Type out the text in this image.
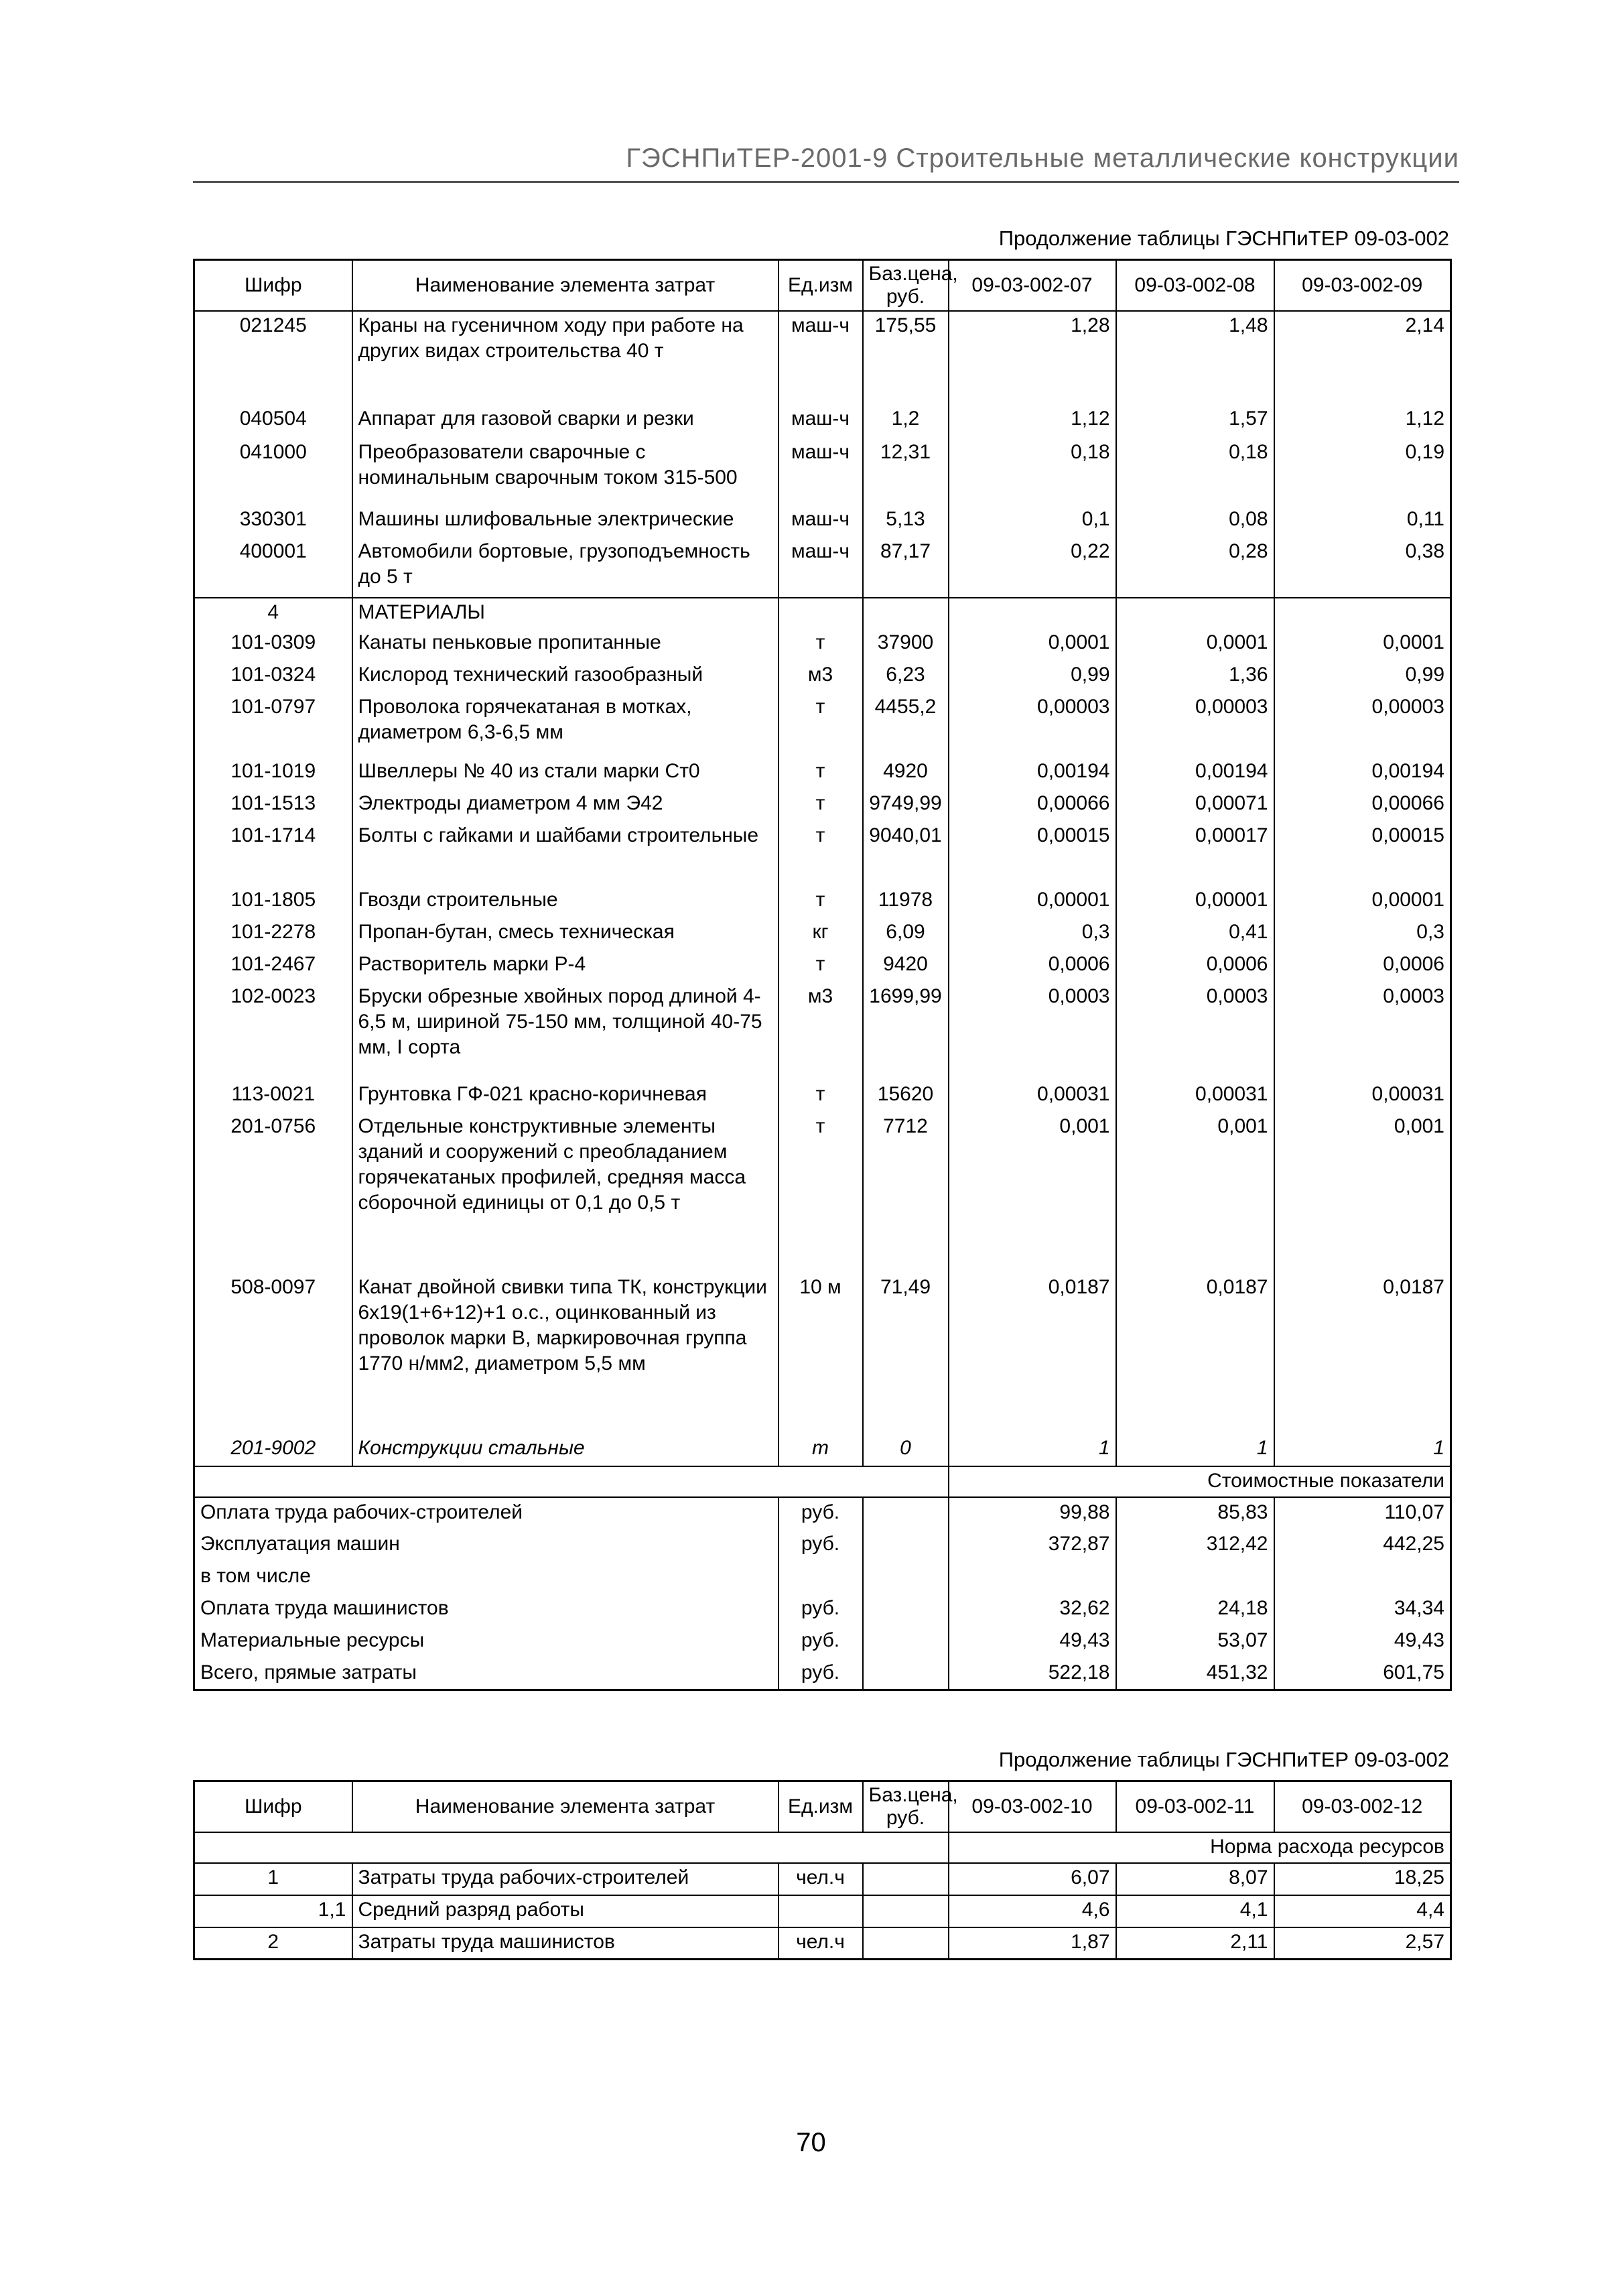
ГЭСНПиТЕР-2001-9 Строительные металлические конструкции
Продолжение таблицы ГЭСНПиТЕР 09-03-002
Шифр	Наименование элемента затрат	Ед.изм	Баз.цена, руб.	09-03-002-07	09-03-002-08	09-03-002-09
021245	Краны на гусеничном ходу при работе на других видах строительства 40 т	маш-ч	175,55	1,28	1,48	2,14
040504	Аппарат для газовой сварки и резки	маш-ч	1,2	1,12	1,57	1,12
041000	Преобразователи сварочные с номинальным сварочным током 315-500	маш-ч	12,31	0,18	0,18	0,19
330301	Машины шлифовальные электрические	маш-ч	5,13	0,1	0,08	0,11
400001	Автомобили бортовые, грузоподъемность до 5 т	маш-ч	87,17	0,22	0,28	0,38
4	МАТЕРИАЛЫ					
101-0309	Канаты пеньковые пропитанные	т	37900	0,0001	0,0001	0,0001
101-0324	Кислород технический газообразный	м3	6,23	0,99	1,36	0,99
101-0797	Проволока горячекатаная в мотках, диаметром 6,3-6,5 мм	т	4455,2	0,00003	0,00003	0,00003
101-1019	Швеллеры № 40 из стали марки Ст0	т	4920	0,00194	0,00194	0,00194
101-1513	Электроды диаметром 4 мм Э42	т	9749,99	0,00066	0,00071	0,00066
101-1714	Болты с гайками и шайбами строительные	т	9040,01	0,00015	0,00017	0,00015
101-1805	Гвозди строительные	т	11978	0,00001	0,00001	0,00001
101-2278	Пропан-бутан, смесь техническая	кг	6,09	0,3	0,41	0,3
101-2467	Растворитель марки Р-4	т	9420	0,0006	0,0006	0,0006
102-0023	Бруски обрезные хвойных пород длиной 4-6,5 м, шириной 75-150 мм, толщиной 40-75 мм, I сорта	м3	1699,99	0,0003	0,0003	0,0003
113-0021	Грунтовка ГФ-021 красно-коричневая	т	15620	0,00031	0,00031	0,00031
201-0756	Отдельные конструктивные элементы зданий и сооружений с преобладанием горячекатаных профилей, средняя масса сборочной единицы от 0,1 до 0,5 т	т	7712	0,001	0,001	0,001
508-0097	Канат двойной свивки типа ТК, конструкции 6х19(1+6+12)+1 о.с., оцинкованный из проволок марки В, маркировочная группа 1770 н/мм2, диаметром 5,5 мм	10 м	71,49	0,0187	0,0187	0,0187
201-9002	Конструкции стальные	т	0	1	1	1
				Стоимостные показатели		
Оплата труда рабочих-строителей		руб.		99,88	85,83	110,07
Эксплуатация машин		руб.		372,87	312,42	442,25
в том числе						
Оплата труда машинистов		руб.		32,62	24,18	34,34
Материальные ресурсы		руб.		49,43	53,07	49,43
Всего, прямые затраты		руб.		522,18	451,32	601,75
Продолжение таблицы ГЭСНПиТЕР 09-03-002
Шифр	Наименование элемента затрат	Ед.изм	Баз.цена, руб.	09-03-002-10	09-03-002-11	09-03-002-12
				Норма расхода ресурсов		
1	Затраты труда рабочих-строителей	чел.ч		6,07	8,07	18,25
1,1	Средний разряд работы			4,6	4,1	4,4
2	Затраты труда машинистов	чел.ч		1,87	2,11	2,57
70
